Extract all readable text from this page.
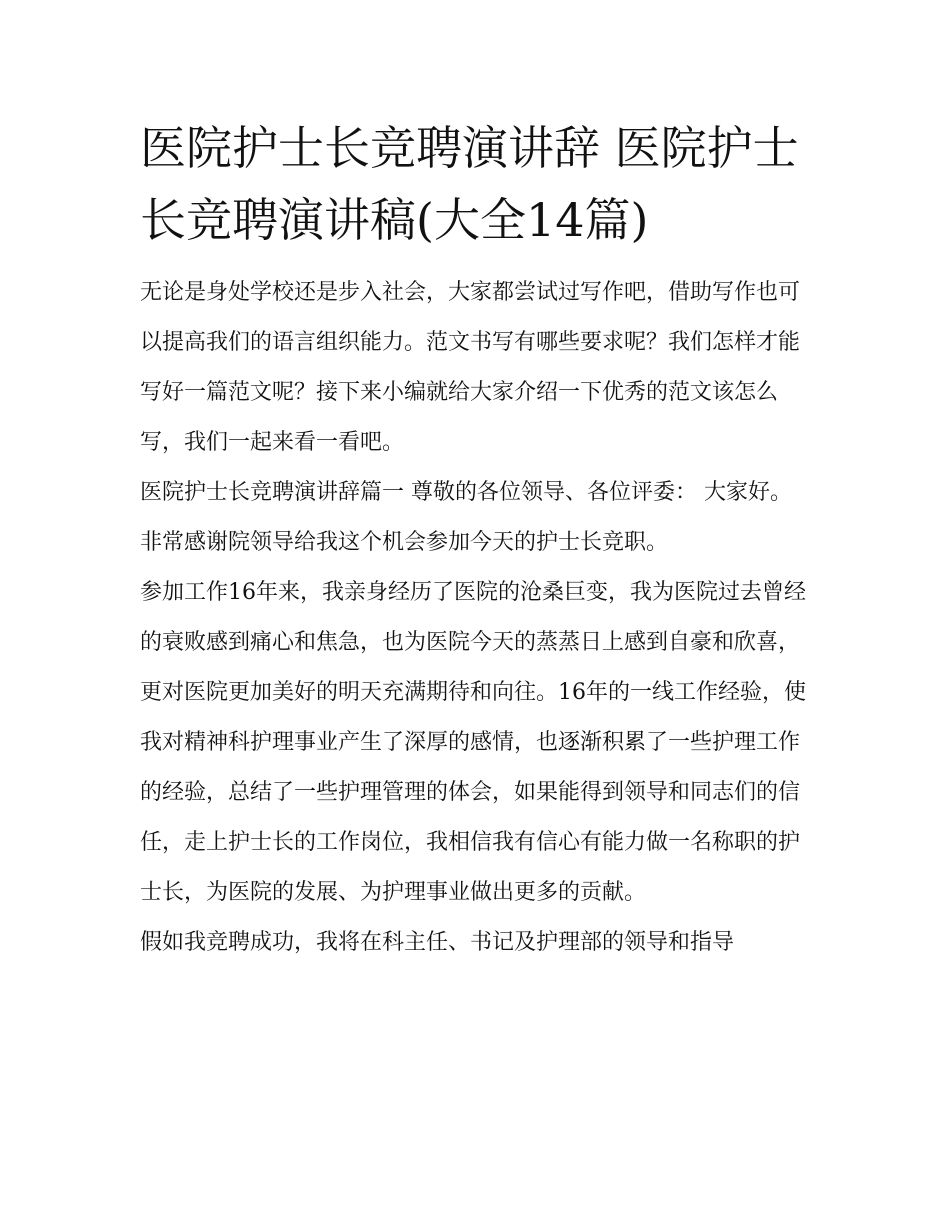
医院护士长竞聘演讲辞 医院护士长竞聘演讲稿(大全14篇)

无论是身处学校还是步入社会，大家都尝试过写作吧，借助写作也可以提高我们的语言组织能力。范文书写有哪些要求呢？我们怎样才能写好一篇范文呢？接下来小编就给大家介绍一下优秀的范文该怎么写，我们一起来看一看吧。

医院护士长竞聘演讲辞篇一 尊敬的各位领导、各位评委： 大家好。 非常感谢院领导给我这个机会参加今天的护士长竞职。

参加工作16年来，我亲身经历了医院的沧桑巨变，我为医院过去曾经的衰败感到痛心和焦急，也为医院今天的蒸蒸日上感到自豪和欣喜，更对医院更加美好的明天充满期待和向往。16年的一线工作经验，使我对精神科护理事业产生了深厚的感情，也逐渐积累了一些护理工作的经验，总结了一些护理管理的体会，如果能得到领导和同志们的信任，走上护士长的工作岗位，我相信我有信心有能力做一名称职的护士长，为医院的发展、为护理事业做出更多的贡献。

假如我竞聘成功，我将在科主任、书记及护理部的领导和指导
